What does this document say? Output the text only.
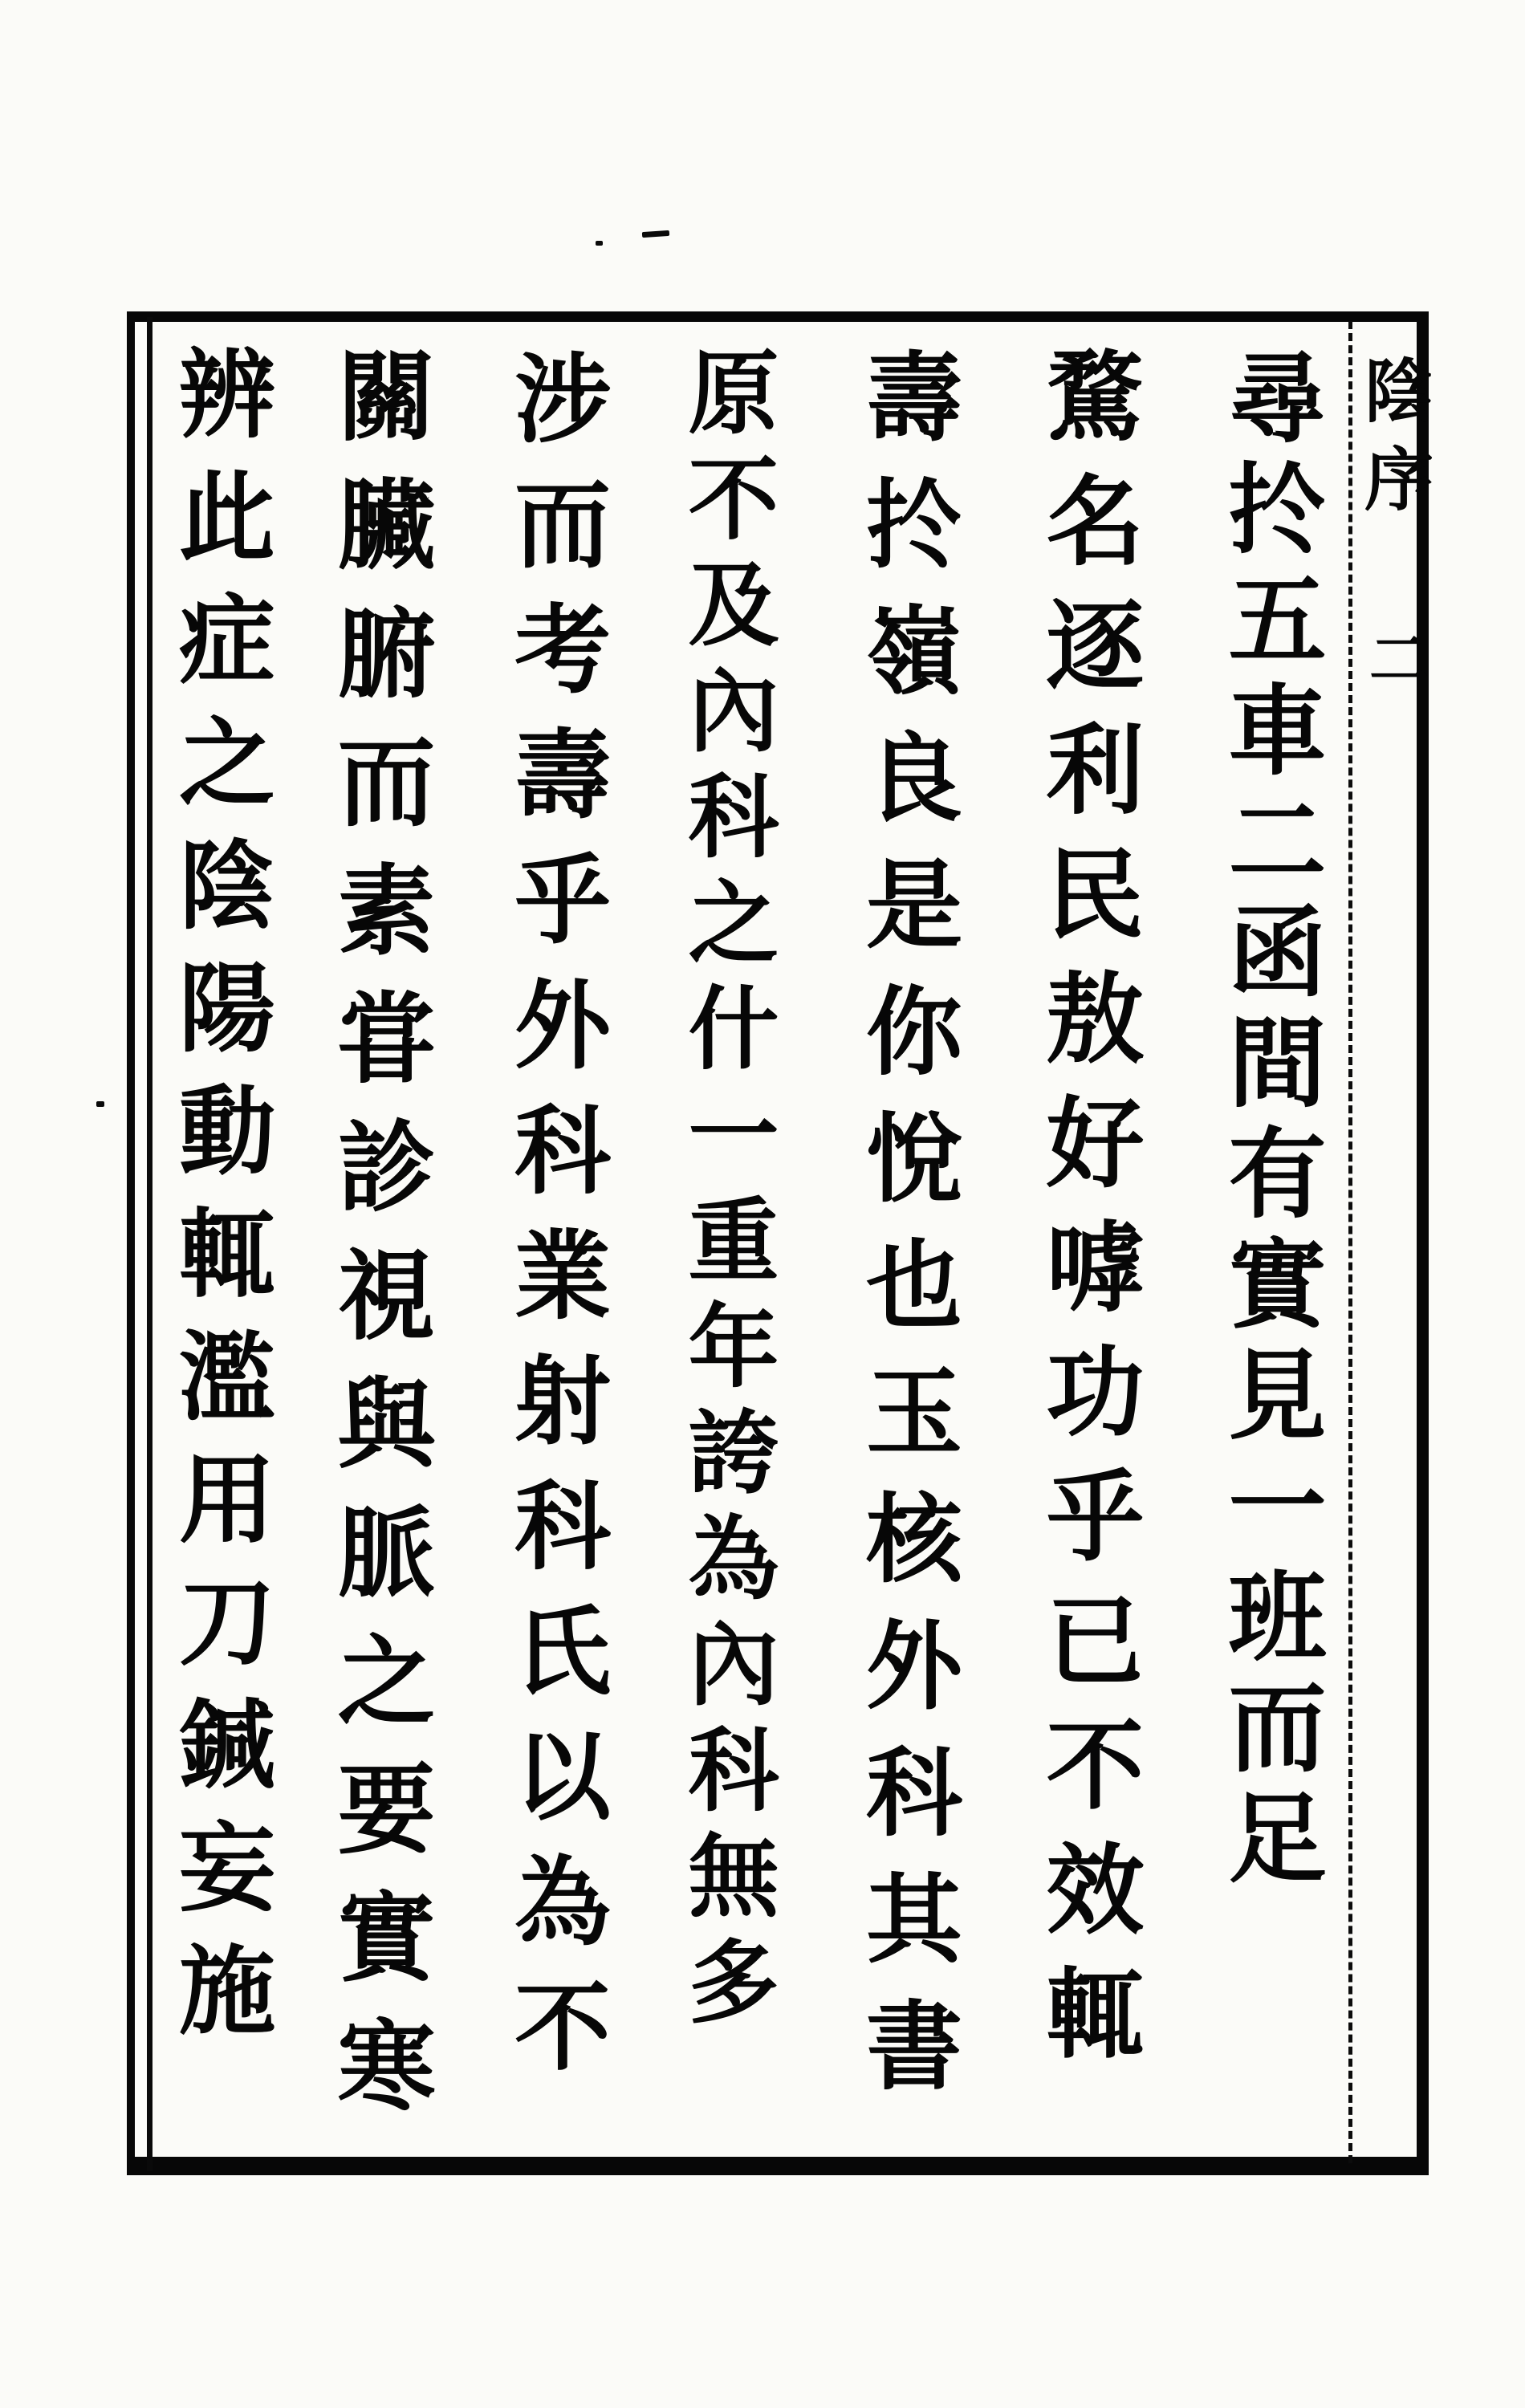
陰序
二
尋扵五車二函間有實見一班而足
騖名逐利民敖好嘑功乎已不效輒
壽扵嶺良是你悅也玉核外科其書
原不及內科之什一重年誇為內科無多
涉而考壽乎外科業射科氏以為不
關臟腑而素甞診視與脈之要實寒
辨此症之陰陽動輒濫用刀鍼妄施
